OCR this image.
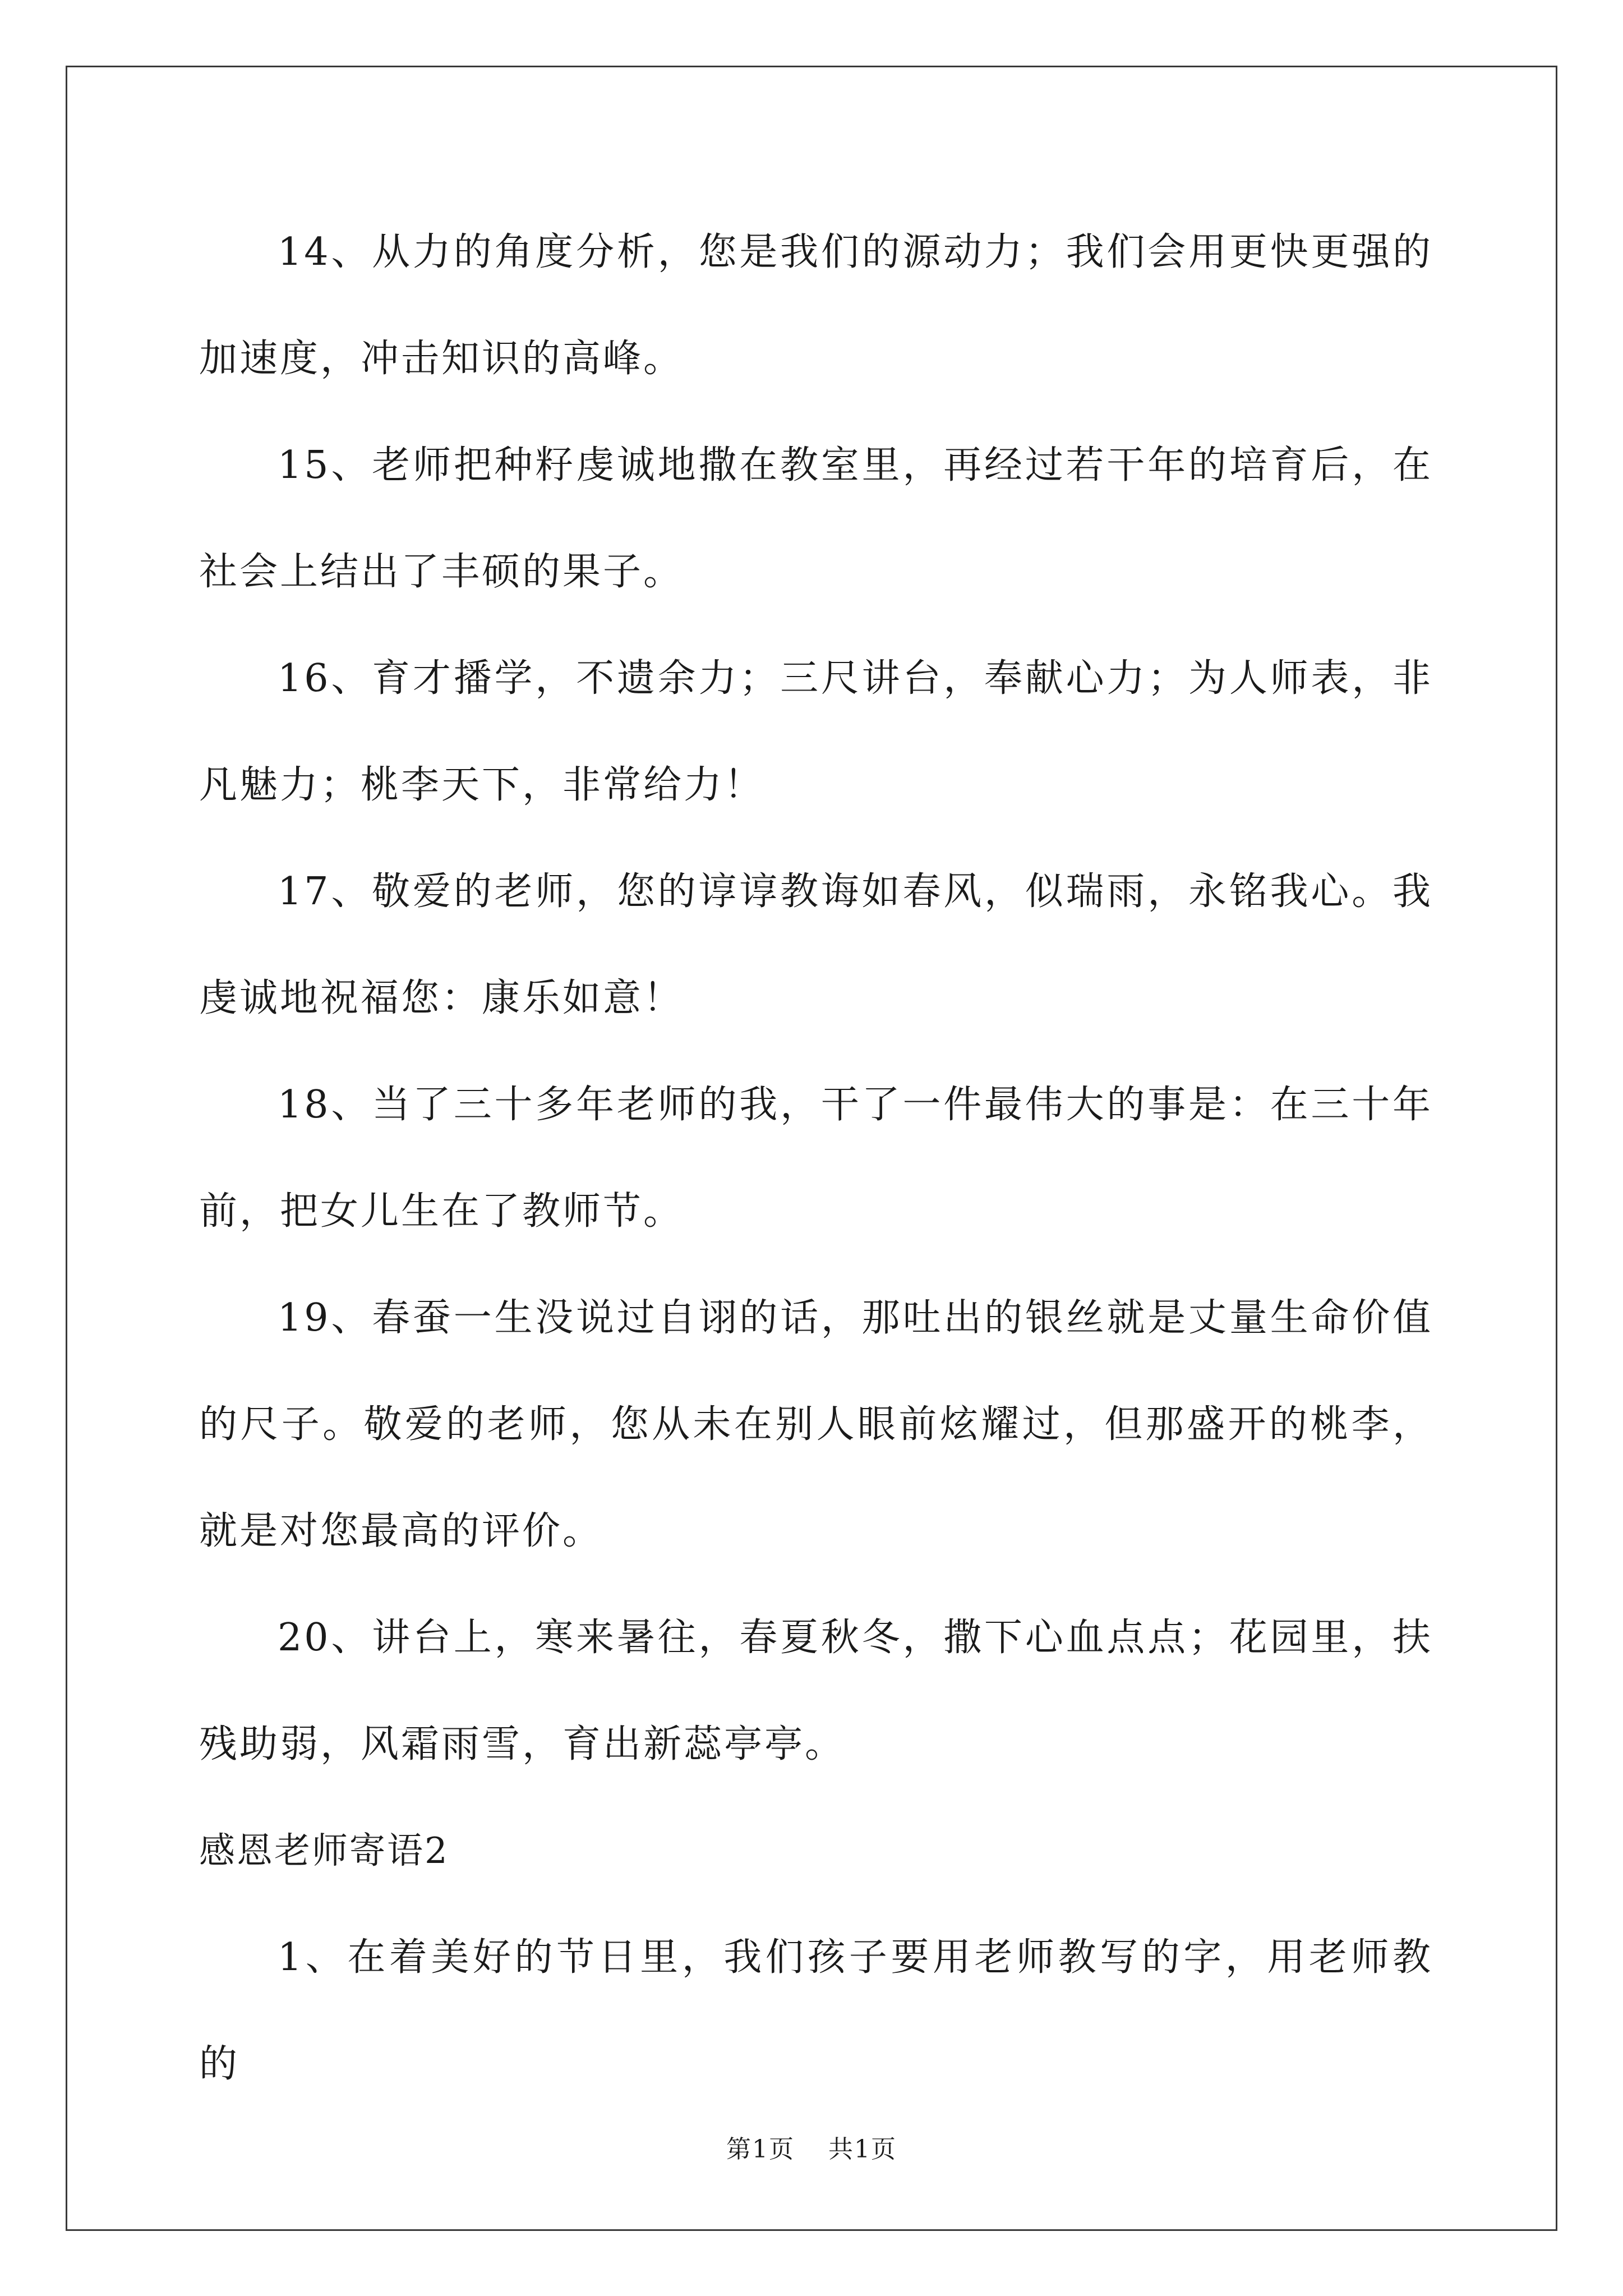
14、从力的角度分析，您是我们的源动力；我们会用更快更强的加速度，冲击知识的高峰。

15、老师把种籽虔诚地撒在教室里，再经过若干年的培育后，在社会上结出了丰硕的果子。

16、育才播学，不遗余力；三尺讲台，奉献心力；为人师表，非凡魅力；桃李天下，非常给力！

17、敬爱的老师，您的谆谆教诲如春风，似瑞雨，永铭我心。我虔诚地祝福您：康乐如意！

18、当了三十多年老师的我，干了一件最伟大的事是：在三十年前，把女儿生在了教师节。

19、春蚕一生没说过自诩的话，那吐出的银丝就是丈量生命价值的尺子。敬爱的老师，您从未在别人眼前炫耀过，但那盛开的桃李，就是对您最高的评价。

20、讲台上，寒来暑往，春夏秋冬，撒下心血点点；花园里，扶残助弱，风霜雨雪，育出新蕊亭亭。

感恩老师寄语2

1、在着美好的节日里，我们孩子要用老师教写的字，用老师教的

第1页 共1页
